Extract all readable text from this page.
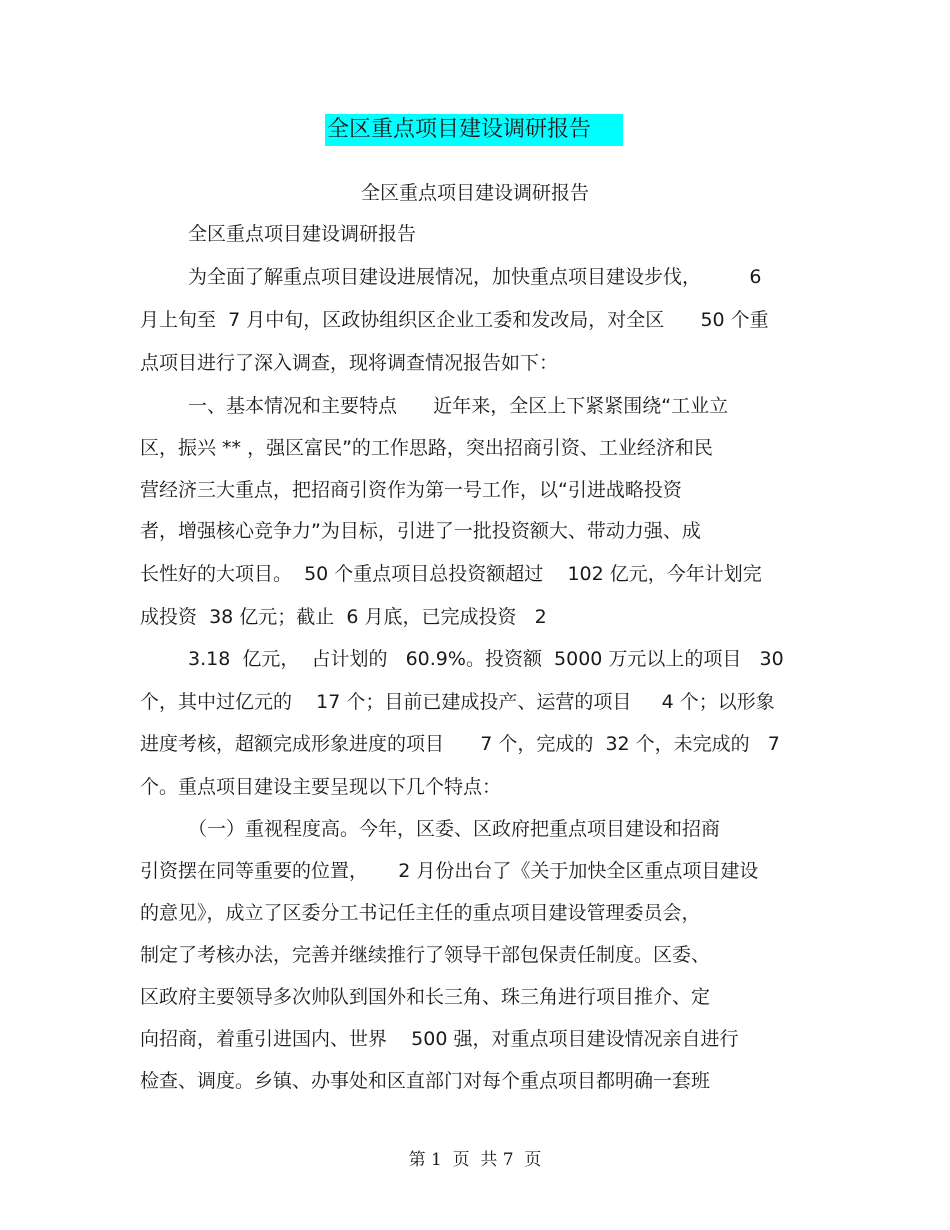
全区重点项目建设调研报告
全区重点项目建设调研报告
全区重点项目建设调研报告
为全面了解重点项目建设进展情况，加快重点项目建设步伐，        6
月上旬至  7 月中旬，区政协组织区企业工委和发改局，对全区      50 个重
点项目进行了深入调查，现将调查情况报告如下：
一、基本情况和主要特点      近年来，全区上下紧紧围绕“工业立
区，振兴 ** ，强区富民”的工作思路，突出招商引资、工业经济和民
营经济三大重点，把招商引资作为第一号工作，以“引进战略投资
者，增强核心竞争力”为目标，引进了一批投资额大、带动力强、成
长性好的大项目。  50 个重点项目总投资额超过    102 亿元，今年计划完
成投资  38 亿元；截止  6 月底，已完成投资   2
3.18  亿元，  占计划的   60.9%。投资额  5000 万元以上的项目   30
个，其中过亿元的    17 个；目前已建成投产、运营的项目     4 个；以形象
进度考核，超额完成形象进度的项目      7 个，完成的  32 个，未完成的   7
个。重点项目建设主要呈现以下几个特点：
（一）重视程度高。今年，区委、区政府把重点项目建设和招商
引资摆在同等重要的位置，     2 月份出台了《关于加快全区重点项目建设
的意见》，成立了区委分工书记任主任的重点项目建设管理委员会，
制定了考核办法，完善并继续推行了领导干部包保责任制度。区委、
区政府主要领导多次帅队到国外和长三角、珠三角进行项目推介、定
向招商，着重引进国内、世界    500 强，对重点项目建设情况亲自进行
检查、调度。乡镇、办事处和区直部门对每个重点项目都明确一套班
第 1  页  共 7  页
